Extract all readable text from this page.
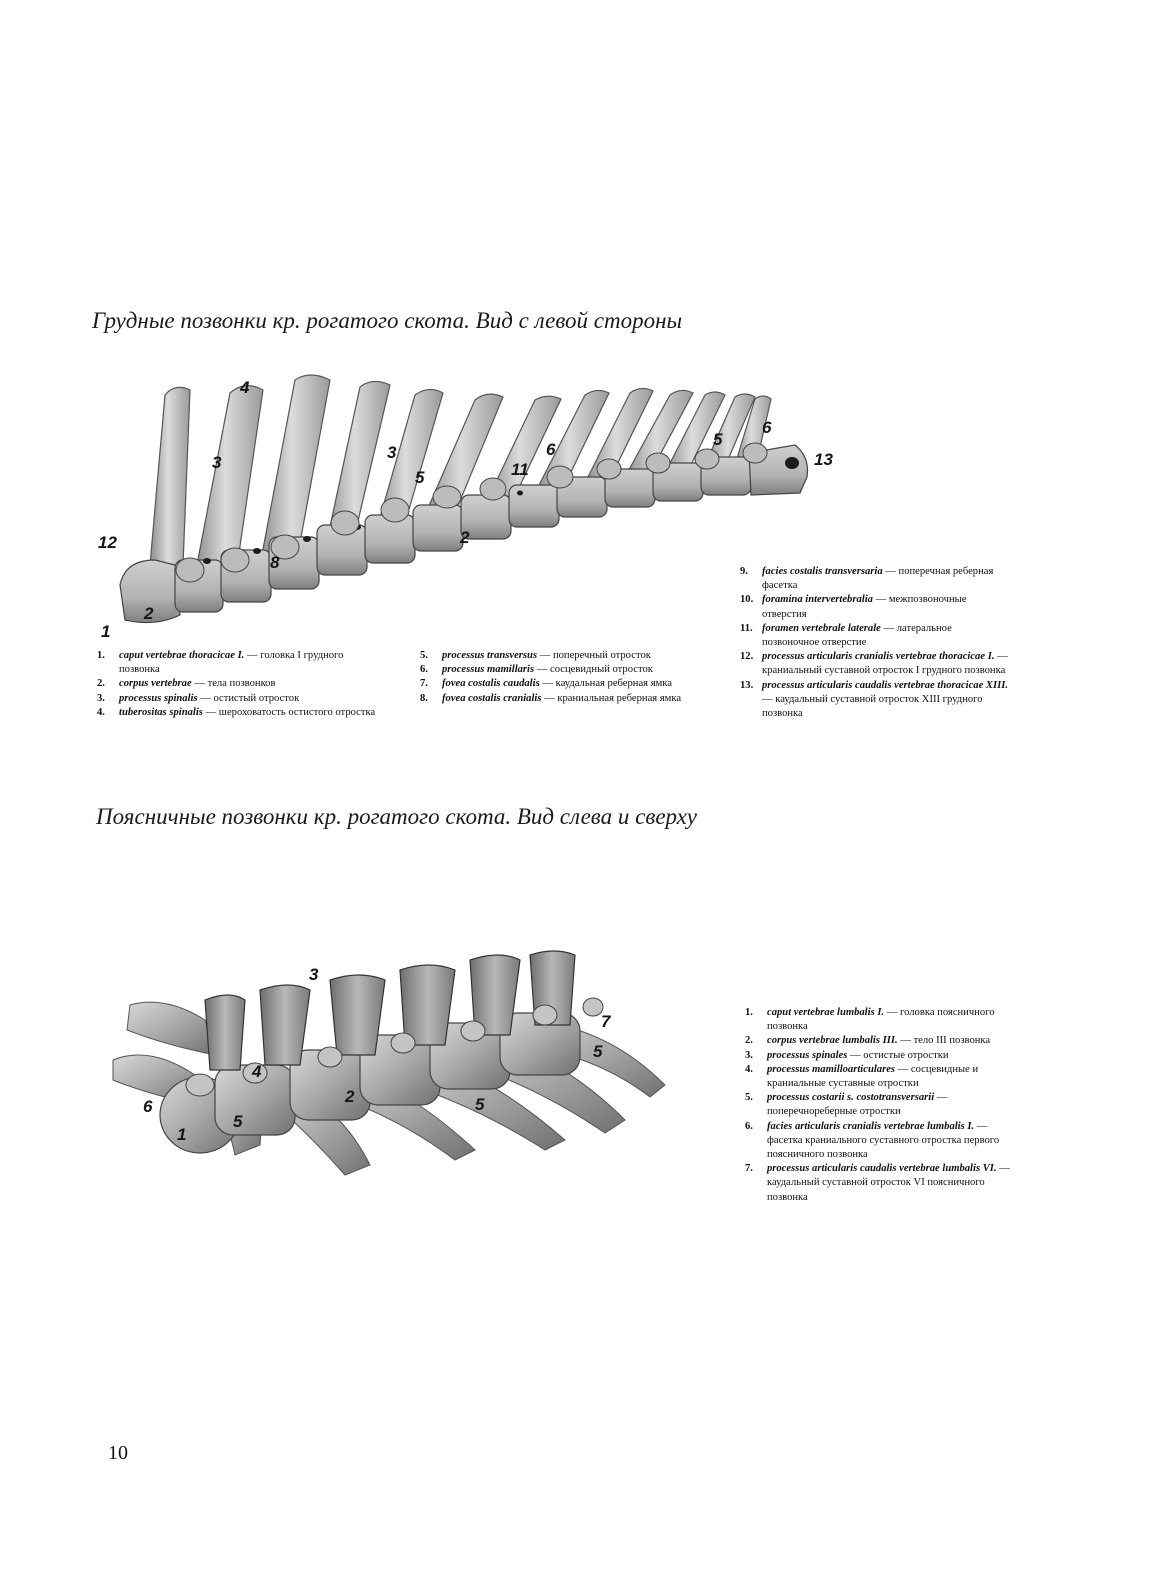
Грудные позвонки кр. рогатого скота. Вид с левой стороны
1
2
2
3
3
4
5
5
6
6
8
11
12
13
1.	caput vertebrae thoracicae I. — головка I грудного позвонка
2.	corpus vertebrae — тела позвонков
3.	processus spinalis — остистый отросток
4.	tuberositas spinalis — шероховатость остистого отростка
5.	processus transversus — поперечный отросток
6.	processus mamillaris — сосцевидный отросток
7.	fovea costalis caudalis — каудальная реберная ямка
8.	fovea costalis cranialis — краниальная реберная ямка
9.	facies costalis transversaria — поперечная реберная фасетка
10. foramina intervertebralia — межпозвоночные отверстия
11. foramen vertebrale laterale — латеральное позвоночное отверстие
12. processus articularis cranialis vertebrae thoracicae I. — краниальный суставной отросток I грудного позвонка
13. processus articularis caudalis vertebrae thoracicae XIII. — каудальный суставной отросток XIII грудного позвонка
Поясничные позвонки кр. рогатого скота. Вид слева и сверху
1
2
3
4
5
5
5
6
7	1.	caput vertebrae lumbalis I. — головка поясничного позвонка
2.	corpus vertebrae lumbalis III. — тело III позвонка
3.	processus spinales — остистые отростки
4.	processus mamilloarticulares — сосцевидные и краниальные суставные отростки
5.	processus costarii s. costotransversarii — поперечнореберные отростки
6.	facies articularis cranialis vertebrae lumbalis I. — фасетка краниального суставного отростка первого поясничного позвонка
7.	processus articularis caudalis vertebrae lumbalis VI. — каудальный суставной отросток VI поясничного позвонка
10
